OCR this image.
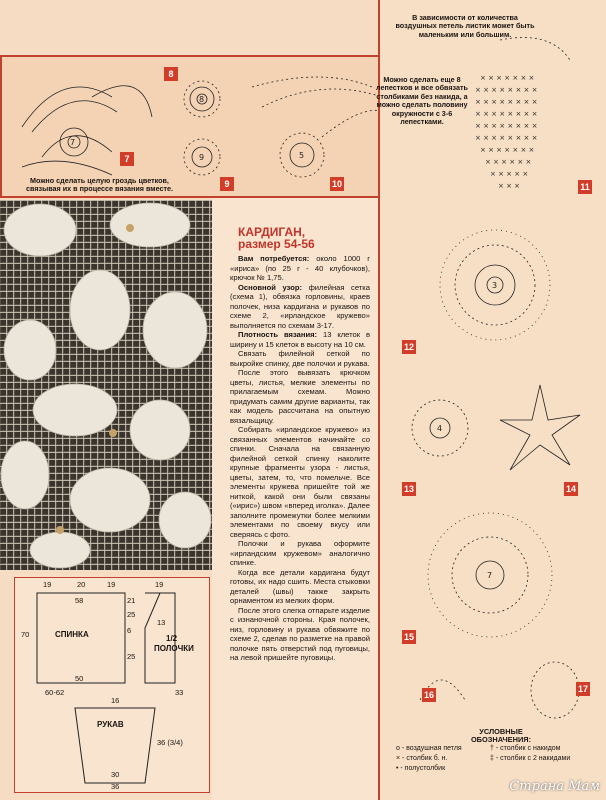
7
8
9	5
8
7
9	10
Можно сделать целую гроздь цветков, связывая их в процессе вязания вместе.
× × × × × × ×
× × × × × × × ×
× × × × × × × ×
× × × × × × × ×
× × × × × × × ×
× × × × × × × ×
× × × × × × ×
× × × × × ×
× × × × ×
× × ×
3
4
7
В зависимости от количества воздушных петель листик может быть маленьким или большим.
Можно сделать еще 8 лепестков и все обвязать столбиками без накида, а можно сделать половину окружности с 3-6 лепестками.
11
12
13	14
15
16
17
КАРДИГАН,
размер 54-56

Вам потребуется: около 1000 г «ириса» (по 25 г - 40 клубочков), крючок № 1,75.

Основной узор: филейная сетка (схема 1), обвязка горловины, краев полочек, низа кардигана и рукавов по схеме 2, «ирландское кружево» выполняется по схемам 3-17.

Плотность вязания: 13 клеток в ширину и 15 клеток в высоту на 10 см.

Связать филейной сеткой по выкройке спинку, две полочки и рукава.

После этого вывязать крючком цветы, листья, мелкие элементы по прилагаемым схемам. Можно придумать самим другие варианты, так как модель рассчитана на опытную вязальщицу.

Собирать «ирландское кружево» из связанных элементов начинайте со спинки. Сначала на связанную филейной сеткой спинку наколите крупные фрагменты узора - листья, цветы, затем, то, что помельче. Все элементы кружева пришейте той же ниткой, какой они были связаны («ирис») швом «вперед иголка». Далее заполните промежутки более мелкими элементами по своему вкусу или сверяясь с фото.

Полочки и рукава оформите «ирландским кружевом» аналогично спинке.

Когда все детали кардигана будут готовы, их надо сшить. Места стыковки деталей (швы) также закрыть орнаментом из мелких форм.

После этого слегка отпарьте изделие с изнаночной стороны. Края полочек, низ, горловину и рукава обвяжите по схеме 2, сделав по разметке на правой полочке пять отверстий под пуговицы, на левой пришейте пуговицы.

СПИНКА	1/2
ПОЛОЧКИ
РУКАВ
19	20	19	19
58	21
25
6
70
13
25
33
50
60-62
16
36 (3/4)
30
36
УСЛОВНЫЕ
ОБОЗНАЧЕНИЯ:
о - воздушная петля
× - столбик б. н.
• - полустолбик
† - столбик с накидом
‡ - столбик с 2 накидами
Страна Мам
